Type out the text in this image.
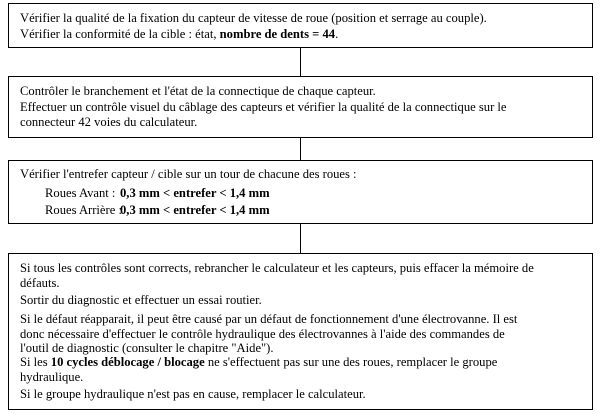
Vérifier la qualité de la fixation du capteur de vitesse de roue (position et serrage au couple).
Vérifier la conformité de la cible : état, nombre de dents = 44.
Contrôler le branchement et l'état de la connectique de chaque capteur.
Effectuer un contrôle visuel du câblage des capteurs et vérifier la qualité de la connectique sur le connecteur 42 voies du calculateur.
Vérifier l'entrefer capteur / cible sur un tour de chacune des roues :
Roues Avant : 0,3 mm < entrefer < 1,4 mm
Roues Arrière :
0,3 mm < entrefer < 1,4 mm
Si tous les contrôles sont corrects, rebrancher le calculateur et les capteurs, puis effacer la mémoire de défauts.
Sortir du diagnostic et effectuer un essai routier.
Si le défaut réapparait, il peut être causé par un défaut de fonctionnement d'une électrovanne. Il est donc nécessaire d'effectuer le contrôle hydraulique des électrovannes à l'aide des commandes de l'outil de diagnostic (consulter le chapitre "Aide").
Si les 10 cycles déblocage / blocage ne s'effectuent pas sur une des roues, remplacer le groupe hydraulique.
Si le groupe hydraulique n'est pas en cause, remplacer le calculateur.
